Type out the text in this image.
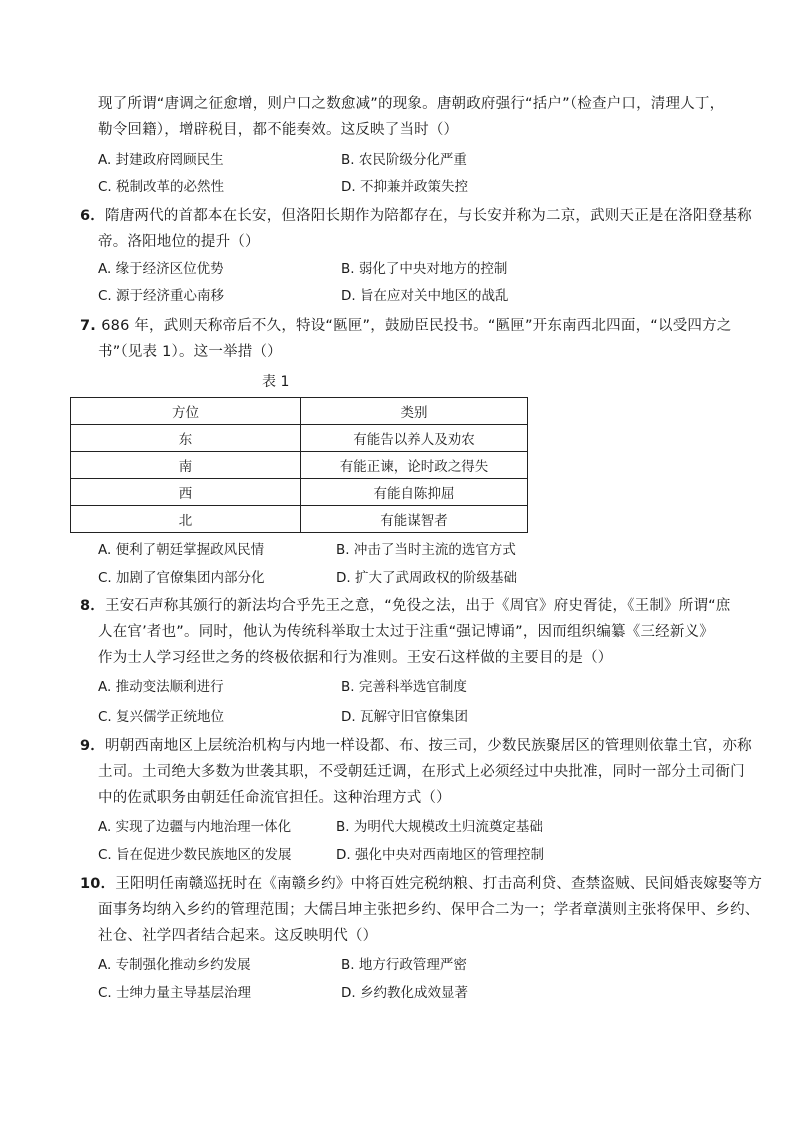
现了所谓“唐调之征愈增，则户口之数愈减”的现象。唐朝政府强行“括户”（检查户口，清理人丁，
勒令回籍），增辟税目，都不能奏效。这反映了当时（）
A. 封建政府罔顾民生	B. 农民阶级分化严重
C. 税制改革的必然性	D. 不抑兼并政策失控
6．隋唐两代的首都本在长安，但洛阳长期作为陪都存在，与长安并称为二京，武则天正是在洛阳登基称
帝。洛阳地位的提升（）
A. 缘于经济区位优势	B. 弱化了中央对地方的控制
C. 源于经济重心南移	D. 旨在应对关中地区的战乱
7. 686 年，武则天称帝后不久，特设“匦匣”，鼓励臣民投书。“匦匣”开东南西北四面，“以受四方之
书”（见表 1）。这一举措（）
表 1
方位	类别
东	有能告以养人及劝农
南	有能正谏，论时政之得失
西	有能自陈抑屈
北	有能谋智者
A. 便利了朝廷掌握政风民情	B. 冲击了当时主流的选官方式
C. 加剧了官僚集团内部分化	D. 扩大了武周政权的阶级基础
8．王安石声称其颁行的新法均合乎先王之意，“免役之法，出于《周官》府史胥徒，《王制》所谓“庶
人在官’者也”。同时，他认为传统科举取士太过于注重“强记博诵”，因而组织编纂《三经新义》
作为士人学习经世之务的终极依据和行为准则。王安石这样做的主要目的是（）
A. 推动变法顺利进行	B. 完善科举选官制度
C. 复兴儒学正统地位	D. 瓦解守旧官僚集团
9．明朝西南地区上层统治机构与内地一样设都、布、按三司，少数民族聚居区的管理则依靠土官，亦称
土司。土司绝大多数为世袭其职，不受朝廷迁调，在形式上必须经过中央批准，同时一部分土司衙门
中的佐贰职务由朝廷任命流官担任。这种治理方式（）
A. 实现了边疆与内地治理一体化	B. 为明代大规模改土归流奠定基础
C. 旨在促进少数民族地区的发展	D. 强化中央对西南地区的管理控制
10．王阳明任南赣巡抚时在《南赣乡约》中将百姓完税纳粮、打击高利贷、查禁盗贼、民间婚丧嫁娶等方
面事务均纳入乡约的管理范围；大儒吕坤主张把乡约、保甲合二为一；学者章潢则主张将保甲、乡约、
社仓、社学四者结合起来。这反映明代（）
A. 专制强化推动乡约发展	B. 地方行政管理严密
C. 士绅力量主导基层治理	D. 乡约教化成效显著
